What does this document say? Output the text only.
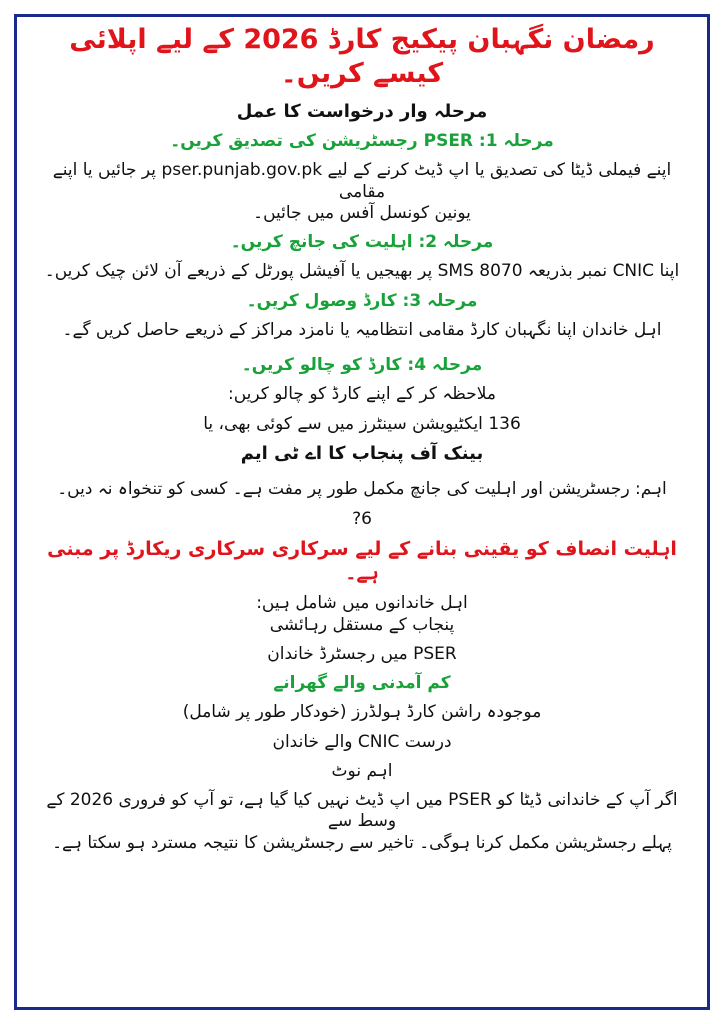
رمضان نگہبان پیکیج کارڈ 2026 کے لیے اپلائی کیسے کریں۔

مرحلہ وار درخواست کا عمل

مرحلہ 1: PSER رجسٹریشن کی تصدیق کریں۔

اپنے فیملی ڈیٹا کی تصدیق یا اپ ڈیٹ کرنے کے لیے pser.punjab.gov.pk پر جائیں یا اپنے مقامی

یونین کونسل آفس میں جائیں۔

مرحلہ 2: اہلیت کی جانچ کریں۔

اپنا CNIC نمبر بذریعہ SMS 8070 پر بھیجیں یا آفیشل پورٹل کے ذریعے آن لائن چیک کریں۔

مرحلہ 3: کارڈ وصول کریں۔

اہل خاندان اپنا نگہبان کارڈ مقامی انتظامیہ یا نامزد مراکز کے ذریعے حاصل کریں گے۔

مرحلہ 4: کارڈ کو چالو کریں۔

ملاحظہ کر کے اپنے کارڈ کو چالو کریں:

136 ایکٹیویشن سینٹرز میں سے کوئی بھی، یا

بینک آف پنجاب کا اے ٹی ایم

اہم: رجسٹریشن اور اہلیت کی جانچ مکمل طور پر مفت ہے۔ کسی کو تنخواہ نہ دیں۔

6?

اہلیت انصاف کو یقینی بنانے کے لیے سرکاری سرکاری ریکارڈ پر مبنی ہے۔

اہل خاندانوں میں شامل ہیں:

پنجاب کے مستقل رہائشی

PSER میں رجسٹرڈ خاندان

کم آمدنی والے گھرانے

موجودہ راشن کارڈ ہولڈرز (خودکار طور پر شامل)

درست CNIC والے خاندان

اہم نوٹ

اگر آپ کے خاندانی ڈیٹا کو PSER میں اپ ڈیٹ نہیں کیا گیا ہے، تو آپ کو فروری 2026 کے وسط سے

پہلے رجسٹریشن مکمل کرنا ہوگی۔ تاخیر سے رجسٹریشن کا نتیجہ مسترد ہو سکتا ہے۔
